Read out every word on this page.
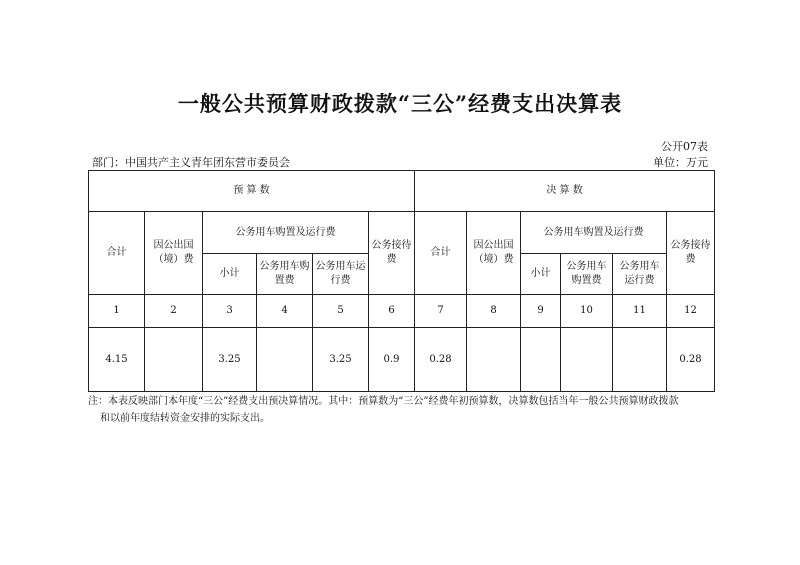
一般公共预算财政拨款“三公”经费支出决算表
公开07表
部门：中国共产主义青年团东营市委员会	单位：万元
预 算 数						决 算 数					
合计	因公出国（境）费	公务用车购置及运行费			公务接待费	合计	因公出国（境）费	公务用车购置及运行费			公务接待费
		小计	公务用车购置费	公务用车运行费				小计	公务用车购置费	公务用车运行费	
1	2	3	4	5	6	7	8	9	10	11	12
4.15		3.25		3.25	0.9	0.28					0.28
注：本表反映部门本年度“三公”经费支出预决算情况。其中：预算数为“三公”经费年初预算数，决算数包括当年一般公共预算财政拨款
和以前年度结转资金安排的实际支出。
